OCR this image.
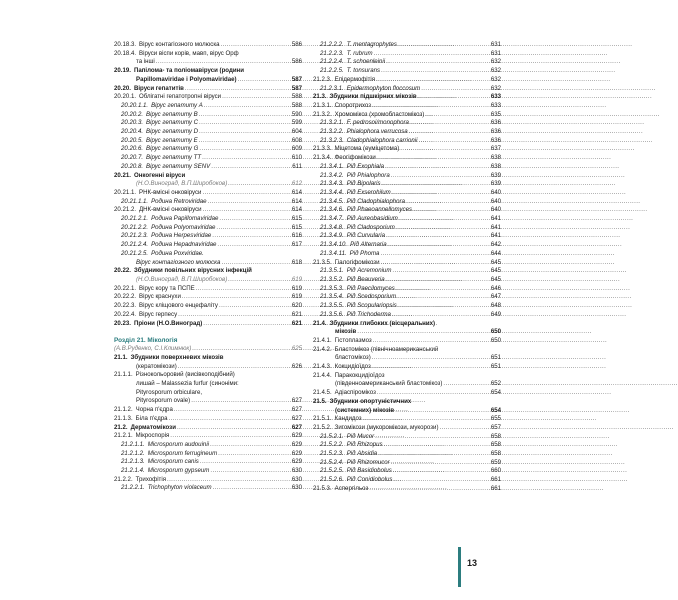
20.18.3. Вірус контагіозного молюска .....	586
20.18.4. Віруси віспи корів, мавп, вірус Орф
та інші .....	586
20.19. Папілома- та поліомавіруси (родини
Papillomaviridae і Polyomaviridae) .....	587
20.20. Віруси гепатитів .....	587
20.20.1. Облігатні гепатотропні віруси .....	588
20.20.1.1. Вірус гепатиту A .....	588
20.20.2. Вірус гепатиту B .....	590
20.20.3. Вірус гепатиту C .....	599
20.20.4. Вірус гепатиту D .....	604
20.20.5. Вірус гепатиту E .....	608
20.20.6. Вірус гепатиту G .....	609
20.20.7. Вірус гепатиту TT .....	610
20.20.8. Вірус гепатиту SENV .....	611
20.21. Онкогенні віруси
(Н.О.Виноград, В.П.Широбоков) .....	612
20.21.1. РНК-вмісні онковіруси .....	614
20.21.1.1. Родина Retroviridae .....	614
20.21.2. ДНК-вмісні онковіруси .....	614
20.21.2.1. Родина Papillomaviridae .....	615
20.21.2.2. Родина Polyomaviridae .....	615
20.21.2.3. Родина Herpesviridae .....	616
20.21.2.4. Родина Hepadnaviridae .....	617
20.21.2.5. Родина Poxviridae.
Вірус контагіозного молюска .....	618
20.22. Збудники повільних вірусних інфекцій
(Н.О.Виноград, В.П.Широбоков) .....	619
20.22.1. Вірус кору та ПСПЕ .....	619
20.22.2. Вірус краснухи .....	619
20.22.3. Вірус кліщового енцефаліту .....	620
20.22.4. Вірус герпесу .....	621
20.23. Пріони (Н.О.Виноград) .....	621
Розділ 21. Мікологія
(А.В.Руденко, С.І.Климнюк) .....	625
21.1. Збудники поверхневих мікозів
(кератомікози) .....	626
21.1.1. Різнокольоровий (висівкоподібний)
лишай – Malassezia furfur (синоніми:
Pityrosporum orbiculare,
Pityrosporum ovale) .....	627
21.1.2. Чорна п'єдра .....	627
21.1.3. Біла п'єдра .....	627
21.2. Дерматомікози .....	627
21.2.1. Мікроспорія .....	629
21.2.1.1. Microsporum audouinii .....	629
21.2.1.2. Microsporum ferrugineum .....	629
21.2.1.3. Microsporum canis .....	629
21.2.1.4. Microsporum gypseum .....	630
21.2.2. Трихофітія .....	630
21.2.2.1. Trichophyton violaceum .....	630
21.2.2.2. T. mentagrophytes .....	631
21.2.2.3. T. rubrum .....	631
21.2.2.4. T. schoenleinii .....	632
21.2.2.5. T. tonsurans .....	632
21.2.3. Епідермофітія .....	632
21.2.3.1. Epidermophyton floccosum .....	632
21.3. Збудники підшкірних мікозів .....	633
21.3.1. Споротрихоз .....	633
21.3.2. Хромомікоз (хромобластомікоз) .....	635
21.3.2.1. F. pedrosoi/monophora .....	636
21.3.2.2. Phialophora verrucosa .....	636
21.3.2.3. Cladophialophora carrionii .....	636
21.3.3. Міцетома (еуміцетома) .....	637
21.3.4. Феогіфомікози .....	638
21.3.4.1. Рід Exophiala .....	638
21.3.4.2. Рід Phialophora .....	639
21.3.4.3. Рід Bipolaris .....	639
21.3.4.4. Рід Exserohilum .....	640
21.3.4.5. Рід Cladophialophora .....	640
21.3.4.6. Рід Phaeoannellomyces .....	640
21.3.4.7. Рід Aureobasidium .....	641
21.3.4.8. Рід Cladosporium .....	641
21.3.4.9. Рід Curvularia .....	641
21.3.4.10. Рід Alternaria .....	642
21.3.4.11. Рід Phoma .....	644
21.3.5. Гіалогіфомікози .....	645
21.3.5.1. Рід Acremonium .....	645
21.3.5.2. Рід Beauveria .....	645
21.3.5.3. Рід Paecilomyces .....	646
21.3.5.4. Рід Scedosporium .....	647
21.3.5.5. Рід Scopulariopsis .....	648
21.3.5.6. Рід Trichoderma .....	649
21.4. Збудники глибоких (вісцеральних)
мікозів .....	650
21.4.1. Гістоплазмоз .....	650
21.4.2. Бластомікоз (північноамериканський
бластомікоз) .....	651
21.4.3. Кокцидіоїдоз .....	651
21.4.4. Паракокцидіоїдоз
(південноамериканський бластомікоз) .....	652
21.4.5. Адіаспіромікоз .....	654
21.5. Збудники опортуністичних
(системних) мікозів .....	654
21.5.1. Кандидоз .....	655
21.5.2. Зигомікози (мукоромікози, мукорози) .....	657
21.5.2.1. Рід Mucor .....	658
21.5.2.2. Рід Rhizopus .....	658
21.5.2.3. Рід Absidia .....	658
21.5.2.4. Рід Rhizomucor .....	659
21.5.2.5. Рід Basidiobolus .....	660
21.5.2.6. Рід Conidiobolus .....	661
21.5.3. Аспергільоз .....	661
13
